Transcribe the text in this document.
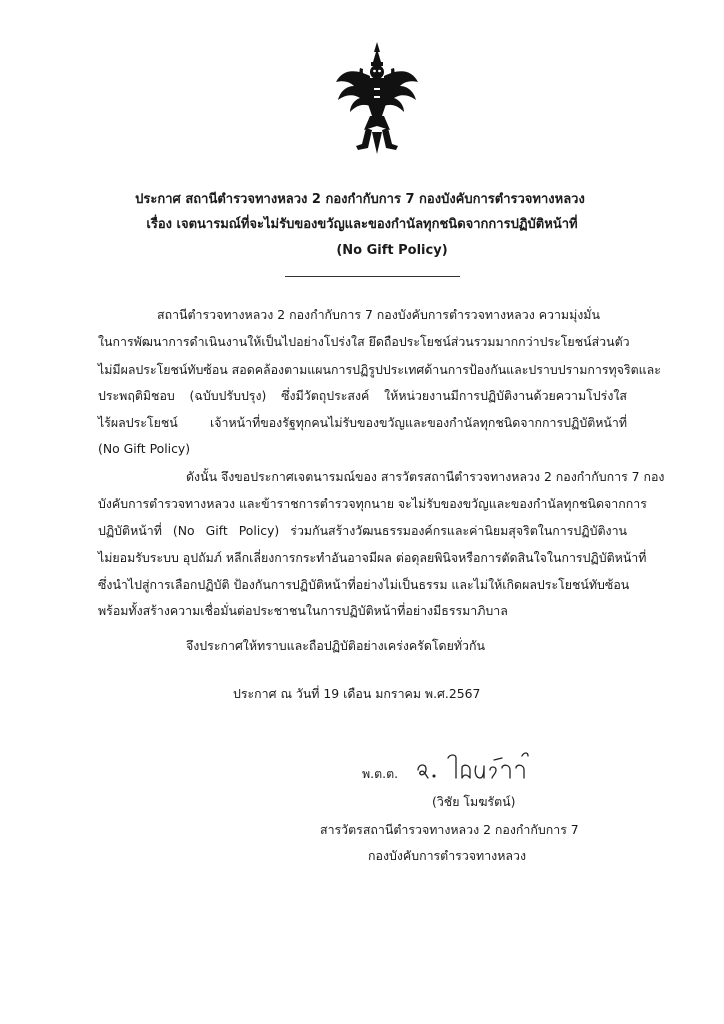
ประกาศ สถานีตำรวจทางหลวง 2 กองกำกับการ 7 กองบังคับการตำรวจทางหลวง
เรื่อง เจตนารมณ์ที่จะไม่รับของขวัญและของกำนัลทุกชนิดจากการปฏิบัติหน้าที่
(No Gift Policy)
สถานีตำรวจทางหลวง 2 กองกำกับการ 7 กองบังคับการตำรวจทางหลวง ความมุ่งมั่น
ในการพัฒนาการดำเนินงานให้เป็นไปอย่างโปร่งใส ยึดถือประโยชน์ส่วนรวมมากกว่าประโยชน์ส่วนตัว
ไม่มีผลประโยชน์ทับซ้อน สอดคล้องตามแผนการปฏิรูปประเทศด้านการป้องกันและปราบปรามการทุจริตและ
ประพฤติมิชอบ (ฉบับปรับปรุง) ซึ่งมีวัตถุประสงค์ ให้หน่วยงานมีการปฏิบัติงานด้วยความโปร่งใส
ไร้ผลประโยชน์ เจ้าหน้าที่ของรัฐทุกคนไม่รับของขวัญและของกำนัลทุกชนิดจากการปฏิบัติหน้าที่
(No Gift Policy)
ดังนั้น จึงขอประกาศเจตนารมณ์ของ สารวัตรสถานีตำรวจทางหลวง 2 กองกำกับการ 7 กอง
บังคับการตำรวจทางหลวง และข้าราชการตำรวจทุกนาย จะไม่รับของขวัญและของกำนัลทุกชนิดจากการ
ปฏิบัติหน้าที่ (No Gift Policy) ร่วมกันสร้างวัฒนธรรมองค์กรและค่านิยมสุจริตในการปฏิบัติงาน
ไม่ยอมรับระบบ อุปถัมภ์ หลีกเลี่ยงการกระทำอันอาจมีผล ต่อดุลยพินิจหรือการตัดสินใจในการปฏิบัติหน้าที่
ซึ่งนำไปสู่การเลือกปฏิบัติ ป้องกันการปฏิบัติหน้าที่อย่างไม่เป็นธรรม และไม่ให้เกิดผลประโยชน์ทับซ้อน
พร้อมทั้งสร้างความเชื่อมั่นต่อประชาชนในการปฏิบัติหน้าที่อย่างมีธรรมาภิบาล
จึงประกาศให้ทราบและถือปฏิบัติอย่างเคร่งครัดโดยทั่วกัน
ประกาศ ณ วันที่ 19 เดือน มกราคม พ.ศ.2567
พ.ต.ต.
(วิชัย โมฆรัตน์)
สารวัตรสถานีตำรวจทางหลวง 2 กองกำกับการ 7
กองบังคับการตำรวจทางหลวง
